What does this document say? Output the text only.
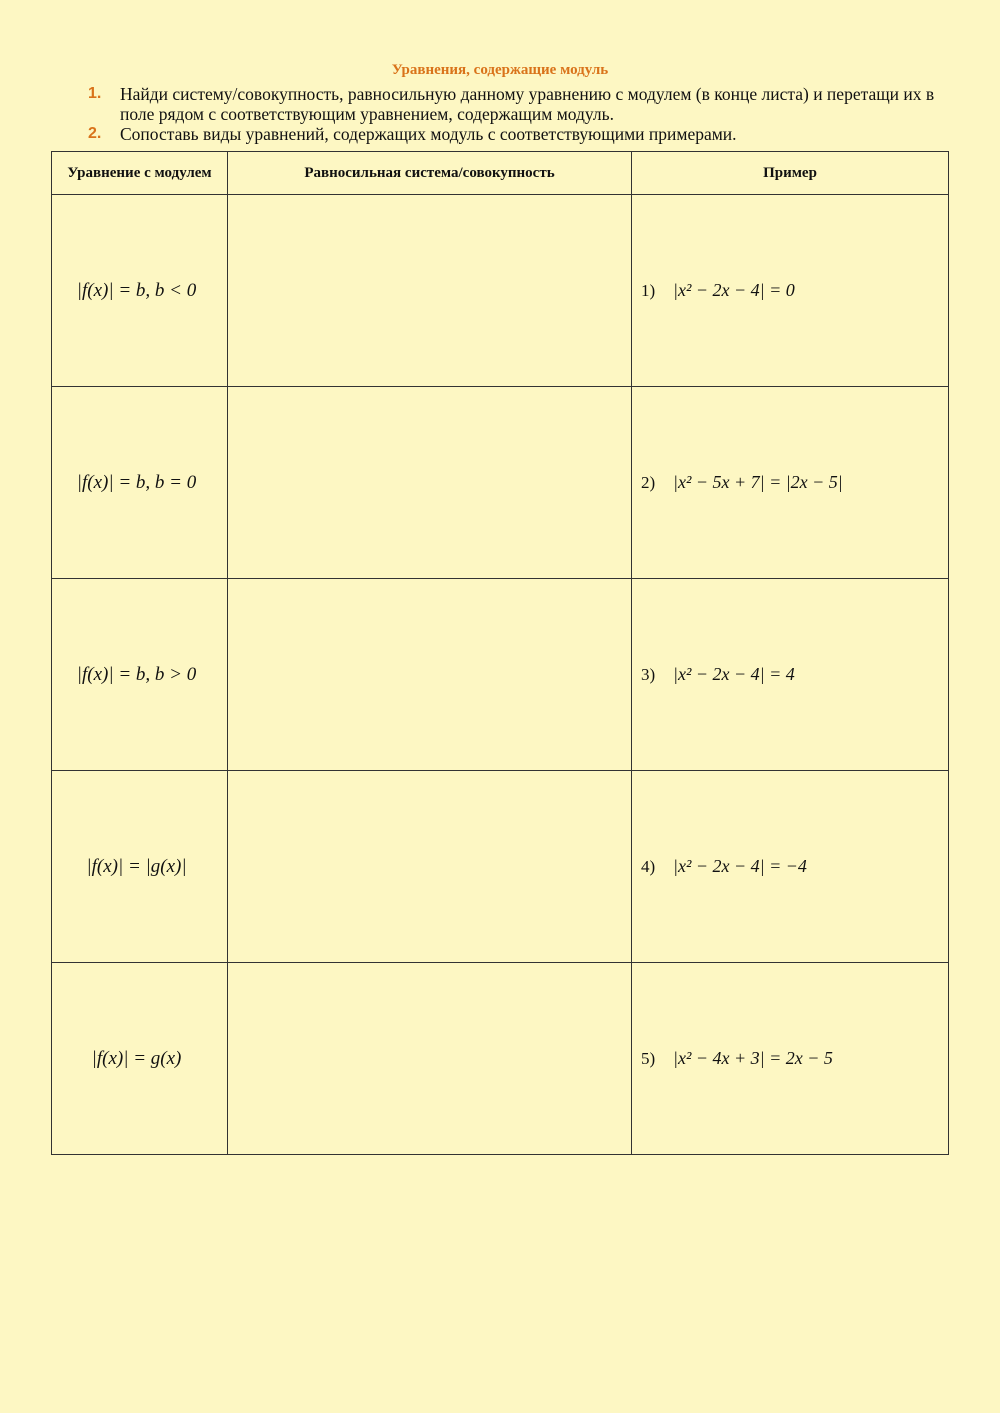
Уравнения, содержащие модуль
1.	Найди систему/совокупность, равносильную данному уравнению с модулем (в конце листа) и перетащи их в поле рядом с соответствующим уравнением, содержащим модуль.
2.	Сопоставь виды уравнений, содержащих модуль с соответствующими примерами.
Уравнение с модулем	Равносильная система/совокупность	Пример
|f(x)| = b, b < 0		1) |x² − 2x − 4| = 0
|f(x)| = b, b = 0		2) |x² − 5x + 7| = |2x − 5|
|f(x)| = b, b > 0		3) |x² − 2x − 4| = 4
|f(x)| = |g(x)|		4) |x² − 2x − 4| = −4
|f(x)| = g(x)		5) |x² − 4x + 3| = 2x − 5
